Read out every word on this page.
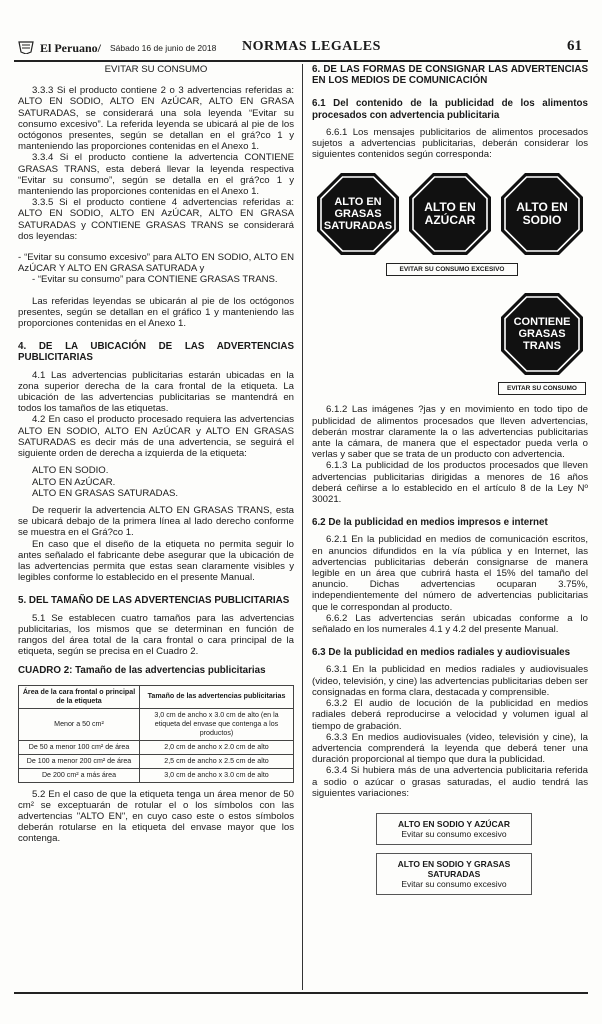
El Peruano/ Sábado 16 de junio de 2018 NORMAS LEGALES	61

EVITAR SU CONSUMO

3.3.3 Si el producto contiene 2 o 3 advertencias referidas a: ALTO EN SODIO, ALTO EN AzÚCAR, ALTO EN GRASA SATURADAS, se considerará una sola leyenda “Evitar su consumo excesivo”. La referida leyenda se ubicará al pie de los octógonos presentes, según se detallan en el grá?co 1 y manteniendo las proporciones contenidas en el Anexo 1.

3.3.4 Si el producto contiene la advertencia CONTIENE GRASAS TRANS, esta deberá llevar la leyenda respectiva “Evitar su consumo”, según se detalla en el grá?co 1 y manteniendo las proporciones contenidas en el Anexo 1.

3.3.5 Si el producto contiene 4 advertencias referidas a: ALTO EN SODIO, ALTO EN AzÚCAR, ALTO EN GRASA SATURADAS y CONTIENE GRASAS TRANS se considerará dos leyendas:

- “Evitar su consumo excesivo” para ALTO EN SODIO, ALTO EN AzÚCAR Y ALTO EN GRASA SATURADA y

- “Evitar su consumo” para CONTIENE GRASAS TRANS.

Las referidas leyendas se ubicarán al pie de los octógonos presentes, según se detallan en el gráfico 1 y manteniendo las proporciones contenidas en el Anexo 1.

4. DE LA UBICACIÓN DE LAS ADVERTENCIAS PUBLICITARIAS

4.1 Las advertencias publicitarias estarán ubicadas en la zona superior derecha de la cara frontal de la etiqueta. La ubicación de las advertencias publicitarias se mantendrá en todos los tamaños de las etiquetas.

4.2 En caso el producto procesado requiera las advertencias ALTO EN SODIO, ALTO EN AzÚCAR y ALTO EN GRASAS SATURADAS es decir más de una advertencia, se seguirá el siguiente orden de derecha a izquierda de la etiqueta:

ALTO EN SODIO.

ALTO EN AzÚCAR.

ALTO EN GRASAS SATURADAS.

De requerir la advertencia ALTO EN GRASAS TRANS, esta se ubicará debajo de la primera línea al lado derecho conforme se muestra en el Grá?co 1.

En caso que el diseño de la etiqueta no permita seguir lo antes señalado el fabricante debe asegurar que la ubicación de las advertencias permita que estas sean claramente visibles y legibles conforme lo establecido en el presente Manual.

5. DEL TAMAÑO DE LAS ADVERTENCIAS PUBLICITARIAS

5.1 Se establecen cuatro tamaños para las advertencias publicitarias, los mismos que se determinan en función de rangos del área total de la cara frontal o cara principal de la etiqueta, según se precisa en el Cuadro 2.

CUADRO 2: Tamaño de las advertencias publicitarias

Área de la cara frontal o principal de la etiqueta	Tamaño de las advertencias publicitarias
Menor a 50 cm²	3,0 cm de ancho x 3.0 cm de alto (en la etiqueta del envase que contenga a los productos)
De 50 a menor 100 cm² de área	2,0 cm de ancho x 2.0 cm de alto
De 100 a menor 200 cm² de área	2,5 cm de ancho x 2.5 cm de alto
De 200 cm² a más área	3,0 cm de ancho x 3.0 cm de alto

5.2 En el caso de que la etiqueta tenga un área menor de 50 cm² se exceptuarán de rotular el o los símbolos con las advertencias "ALTO EN", en cuyo caso este o estos símbolos deberán rotularse en la etiqueta del envase mayor que los contenga.

6. DE LAS FORMAS DE CONSIGNAR LAS ADVERTENCIAS EN LOS MEDIOS DE COMUNICACIÓN

6.1 Del contenido de la publicidad de los alimentos procesados con advertencia publicitaria

6.6.1 Los mensajes publicitarios de alimentos procesados sujetos a advertencias publicitarias, deberán considerar los siguientes contenidos según corresponda:

ALTO EN GRASAS SATURADAS
ALTO EN AZÚCAR
ALTO EN SODIO
EVITAR SU CONSUMO EXCESIVO
CONTIENE GRASAS TRANS
EVITAR SU CONSUMO

6.1.2 Las imágenes ?jas y en movimiento en todo tipo de publicidad de alimentos procesados que lleven advertencias, deberán mostrar claramente la o las advertencias publicitarias ante la cámara, de manera que el espectador pueda verla o verlas y saber que se trata de un producto con advertencia.

6.1.3 La publicidad de los productos procesados que lleven advertencias publicitarias dirigidas a menores de 16 años deberá ceñirse a lo establecido en el artículo 8 de la Ley Nº 30021.

6.2 De la publicidad en medios impresos e internet

6.2.1 En la publicidad en medios de comunicación escritos, en anuncios difundidos en la vía pública y en Internet, las advertencias publicitarias deberán consignarse de manera legible en un área que cubrirá hasta el 15% del tamaño del anuncio. Dichas advertencias ocuparan 3.75%, independientemente del número de advertencias publicitarias que le correspondan al producto.

6.6.2 Las advertencias serán ubicadas conforme a lo señalado en los numerales 4.1 y 4.2 del presente Manual.

6.3 De la publicidad en medios radiales y audiovisuales

6.3.1 En la publicidad en medios radiales y audiovisuales (video, televisión, y cine) las advertencias publicitarias deben ser consignadas en forma clara, destacada y comprensible.

6.3.2 El audio de locución de la publicidad en medios radiales deberá reproducirse a velocidad y volumen igual al tiempo de grabación.

6.3.3 En medios audiovisuales (video, televisión y cine), la advertencia comprenderá la leyenda que deberá tener una duración proporcional al tiempo que dura la publicidad.

6.3.4 Si hubiera más de una advertencia publicitaria referida a sodio o azúcar o grasas saturadas, el audio tendrá las siguientes variaciones:

ALTO EN SODIO Y AZÚCAR
Evitar su consumo excesivo
ALTO EN SODIO Y GRASAS SATURADAS
Evitar su consumo excesivo
